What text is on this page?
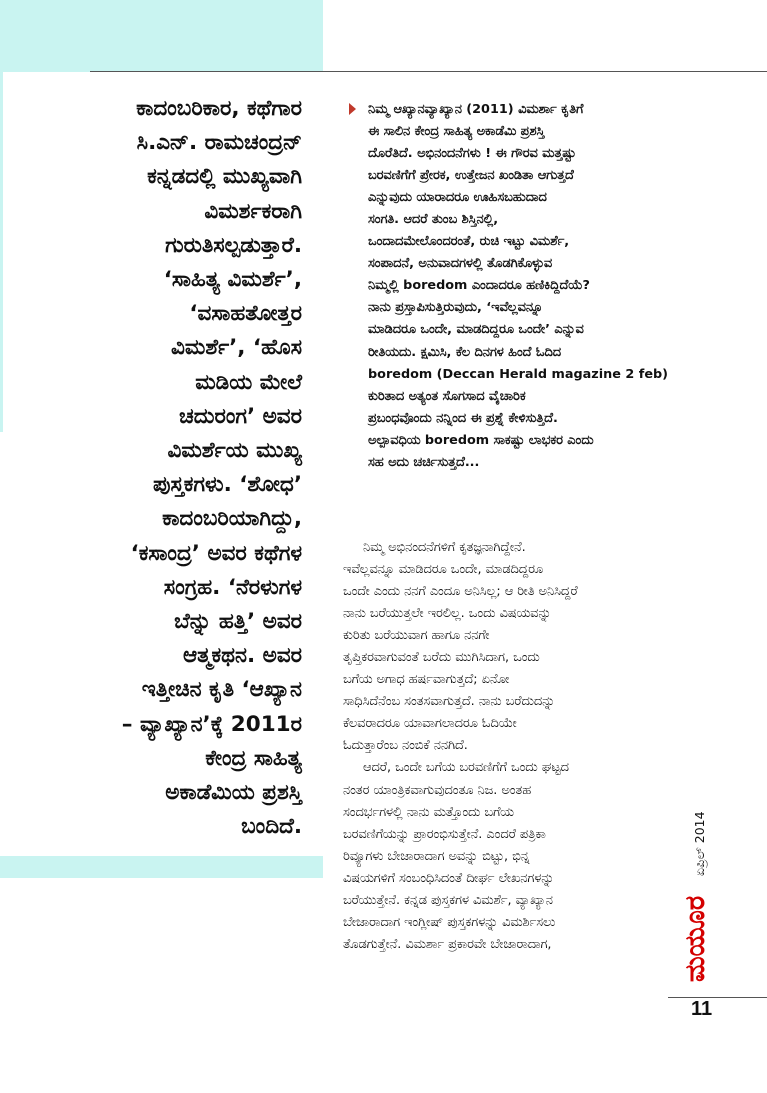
ಕಾದಂಬರಿಕಾರ, ಕಥೆಗಾರ
ಸಿ.ಎನ್. ರಾಮಚಂದ್ರನ್
ಕನ್ನಡದಲ್ಲಿ ಮುಖ್ಯವಾಗಿ
ವಿಮರ್ಶಕರಾಗಿ
ಗುರುತಿಸಲ್ಪಡುತ್ತಾರೆ.
‘ಸಾಹಿತ್ಯ ವಿಮರ್ಶೆ’,
‘ವಸಾಹತೋತ್ತರ
ವಿಮರ್ಶೆ’, ‘ಹೊಸ
ಮಡಿಯ ಮೇಲೆ
ಚದುರಂಗ’ ಅವರ
ವಿಮರ್ಶೆಯ ಮುಖ್ಯ
ಪುಸ್ತಕಗಳು. ‘ಶೋಧ’
ಕಾದಂಬರಿಯಾಗಿದ್ದು,
‘ಕಸಾಂದ್ರ’ ಅವರ ಕಥೆಗಳ
ಸಂಗ್ರಹ. ‘ನೆರಳುಗಳ
ಬೆನ್ನು ಹತ್ತಿ’ ಅವರ
ಆತ್ಮಕಥನ. ಅವರ
ಇತ್ತೀಚಿನ ಕೃತಿ ‘ಆಖ್ಯಾನ
– ವ್ಯಾಖ್ಯಾನ’ಕ್ಕೆ 2011ರ
ಕೇಂದ್ರ ಸಾಹಿತ್ಯ
ಅಕಾಡೆಮಿಯ ಪ್ರಶಸ್ತಿ
ಬಂದಿದೆ.
ನಿಮ್ಮ ಆಖ್ಯಾನವ್ಯಾಖ್ಯಾನ (2011) ವಿಮರ್ಶಾ ಕೃತಿಗೆ
ಈ ಸಾಲಿನ ಕೇಂದ್ರ ಸಾಹಿತ್ಯ ಅಕಾಡೆಮಿ ಪ್ರಶಸ್ತಿ
ದೊರೆತಿದೆ. ಅಭಿನಂದನೆಗಳು ! ಈ ಗೌರವ ಮತ್ತಷ್ಟು
ಬರವಣಿಗೆಗೆ ಪ್ರೇರಕ, ಉತ್ತೇಜನ ಖಂಡಿತಾ ಆಗುತ್ತದೆ
ಎನ್ನುವುದು ಯಾರಾದರೂ ಊಹಿಸಬಹುದಾದ
ಸಂಗತಿ. ಆದರೆ ತುಂಬ ಶಿಸ್ತಿನಲ್ಲಿ,
ಒಂದಾದಮೇಲೊಂದರಂತೆ, ರುಚಿ ಇಟ್ಟು ವಿಮರ್ಶೆ,
ಸಂಪಾದನೆ, ಅನುವಾದಗಳಲ್ಲಿ ತೊಡಗಿಕೊಳ್ಳುವ
ನಿಮ್ಮಲ್ಲಿ boredom ಎಂದಾದರೂ ಹಣಿಕಿದ್ದಿದೆಯೆ?
ನಾನು ಪ್ರಸ್ತಾಪಿಸುತ್ತಿರುವುದು, ‘ಇವೆಲ್ಲವನ್ನೂ
ಮಾಡಿದರೂ ಒಂದೇ, ಮಾಡದಿದ್ದರೂ ಒಂದೇ’ ಎನ್ನುವ
ರೀತಿಯದು. ಕ್ಷಮಿಸಿ, ಕೆಲ ದಿನಗಳ ಹಿಂದೆ ಓದಿದ
boredom (Deccan Herald magazine 2 feb)
ಕುರಿತಾದ ಅತ್ಯಂತ ಸೊಗಸಾದ ವೈಚಾರಿಕ
ಪ್ರಬಂಧವೊಂದು ನನ್ನಿಂದ ಈ ಪ್ರಶ್ನೆ ಕೇಳಿಸುತ್ತಿದೆ.
ಅಲ್ಪಾವಧಿಯ boredom ಸಾಕಷ್ಟು ಲಾಭಕರ ಎಂದು
ಸಹ ಅದು ಚರ್ಚಿಸುತ್ತದೆ...
ನಿಮ್ಮ ಅಭಿನಂದನೆಗಳಿಗೆ ಕೃತಜ್ಞನಾಗಿದ್ದೇನೆ.
ಇವೆಲ್ಲವನ್ನೂ ಮಾಡಿದರೂ ಒಂದೇ, ಮಾಡದಿದ್ದರೂ
ಒಂದೇ ಎಂದು ನನಗೆ ಎಂದೂ ಅನಿಸಿಲ್ಲ; ಆ ರೀತಿ ಅನಿಸಿದ್ದರೆ
ನಾನು ಬರೆಯುತ್ತಲೇ ಇರಲಿಲ್ಲ. ಒಂದು ವಿಷಯವನ್ನು
ಕುರಿತು ಬರೆಯುವಾಗ ಹಾಗೂ ನನಗೇ
ತೃಪ್ತಿಕರವಾಗುವಂತೆ ಬರೆದು ಮುಗಿಸಿದಾಗ, ಒಂದು
ಬಗೆಯ ಅಗಾಧ ಹರ್ಷವಾಗುತ್ತದೆ; ಏನೋ
ಸಾಧಿಸಿದೆನೆಂಬ ಸಂತಸವಾಗುತ್ತದೆ. ನಾನು ಬರೆದುದನ್ನು
ಕೆಲವರಾದರೂ ಯಾವಾಗಲಾದರೂ ಓದಿಯೇ
ಓದುತ್ತಾರೆಂಬ ನಂಬಿಕೆ ನನಗಿದೆ.
ಆದರೆ, ಒಂದೇ ಬಗೆಯ ಬರವಣಿಗೆಗೆ ಒಂದು ಘಟ್ಟದ
ನಂತರ ಯಾಂತ್ರಿಕವಾಗುವುದಂತೂ ನಿಜ. ಅಂತಹ
ಸಂದರ್ಭಗಳಲ್ಲಿ ನಾನು ಮತ್ತೊಂದು ಬಗೆಯ
ಬರವಣಿಗೆಯನ್ನು ಪ್ರಾರಂಭಿಸುತ್ತೇನೆ. ಎಂದರೆ ಪತ್ರಿಕಾ
ರಿವ್ಯೂಗಳು ಬೇಜಾರಾದಾಗ ಅವನ್ನು ಬಿಟ್ಟು, ಭಿನ್ನ
ವಿಷಯಗಳಿಗೆ ಸಂಬಂಧಿಸಿದಂತೆ ದೀರ್ಘ ಲೇಖನಗಳನ್ನು
ಬರೆಯುತ್ತೇನೆ. ಕನ್ನಡ ಪುಸ್ತಕಗಳ ವಿಮರ್ಶೆ, ವ್ಯಾಖ್ಯಾನ
ಬೇಜಾರಾದಾಗ ಇಂಗ್ಲೀಷ್ ಪುಸ್ತಕಗಳನ್ನು ವಿಮರ್ಶಿಸಲು
ತೊಡಗುತ್ತೇನೆ. ವಿಮರ್ಶಾ ಪ್ರಕಾರವೇ ಬೇಜಾರಾದಾಗ,
ಏಪ್ರಿಲ್ 2014
ಮಯೂರ
11
